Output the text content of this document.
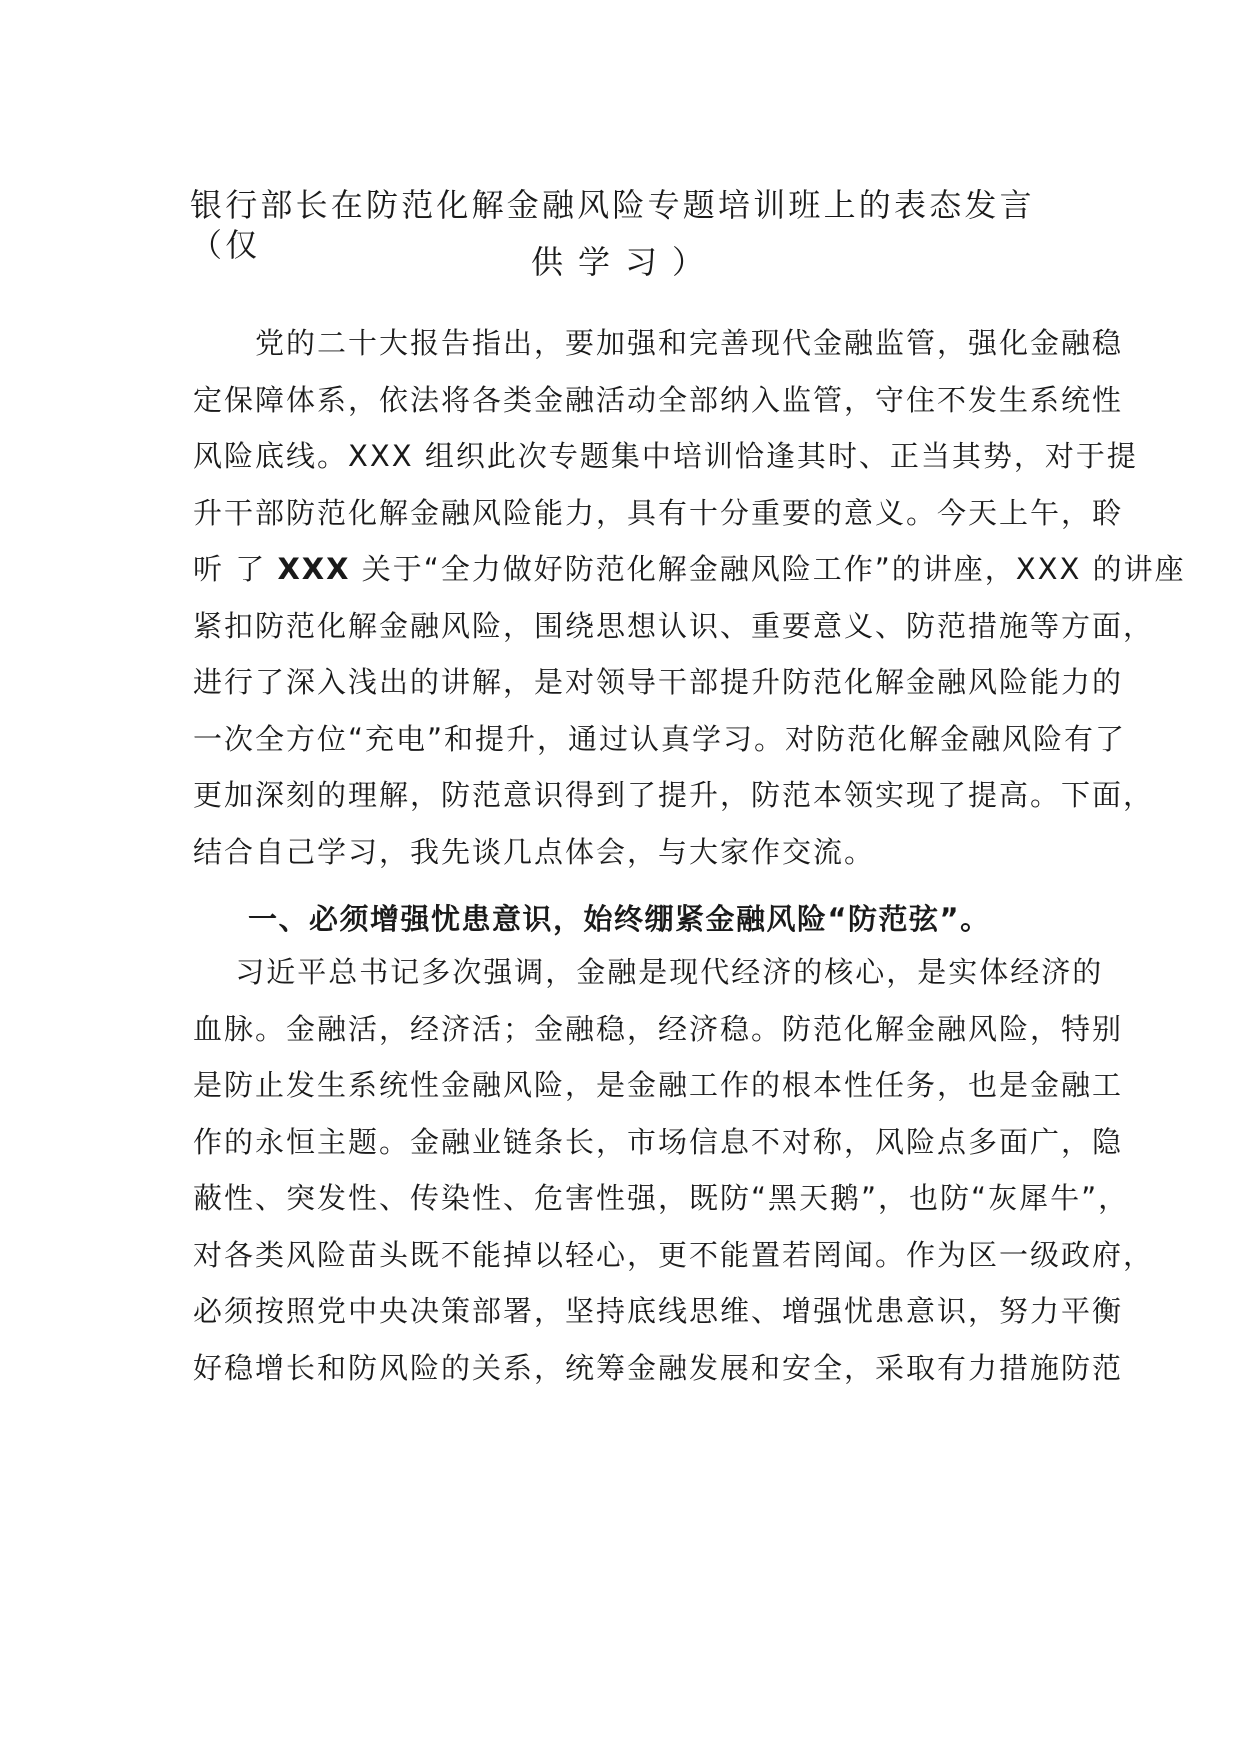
银行部长在防范化解金融风险专题培训班上的表态发言（仅	供学习）
　　党的二十大报告指出，要加强和完善现代金融监管，强化金融稳
定保障体系，依法将各类金融活动全部纳入监管，守住不发生系统性
风险底线。XXX 组织此次专题集中培训恰逢其时、正当其势，对于提
升干部防范化解金融风险能力，具有十分重要的意义。今天上午，聆
听 了 XXX 关于“全力做好防范化解金融风险工作”的讲座，XXX 的讲座
紧扣防范化解金融风险，围绕思想认识、重要意义、防范措施等方面，
进行了深入浅出的讲解，是对领导干部提升防范化解金融风险能力的
一次全方位“充电”和提升，通过认真学习。对防范化解金融风险有了
更加深刻的理解，防范意识得到了提升，防范本领实现了提高。下面，
结合自己学习，我先谈几点体会，与大家作交流。
一、必须增强忧患意识，始终绷紧金融风险“防范弦”。
　 习近平总书记多次强调，金融是现代经济的核心，是实体经济的
血脉。金融活，经济活；金融稳，经济稳。防范化解金融风险，特别
是防止发生系统性金融风险，是金融工作的根本性任务，也是金融工
作的永恒主题。金融业链条长，市场信息不对称，风险点多面广，隐
蔽性、突发性、传染性、危害性强，既防“黑天鹅”，也防“灰犀牛”，
对各类风险苗头既不能掉以轻心，更不能置若罔闻。作为区一级政府，
必须按照党中央决策部署，坚持底线思维、增强忧患意识，努力平衡
好稳增长和防风险的关系，统筹金融发展和安全，采取有力措施防范
